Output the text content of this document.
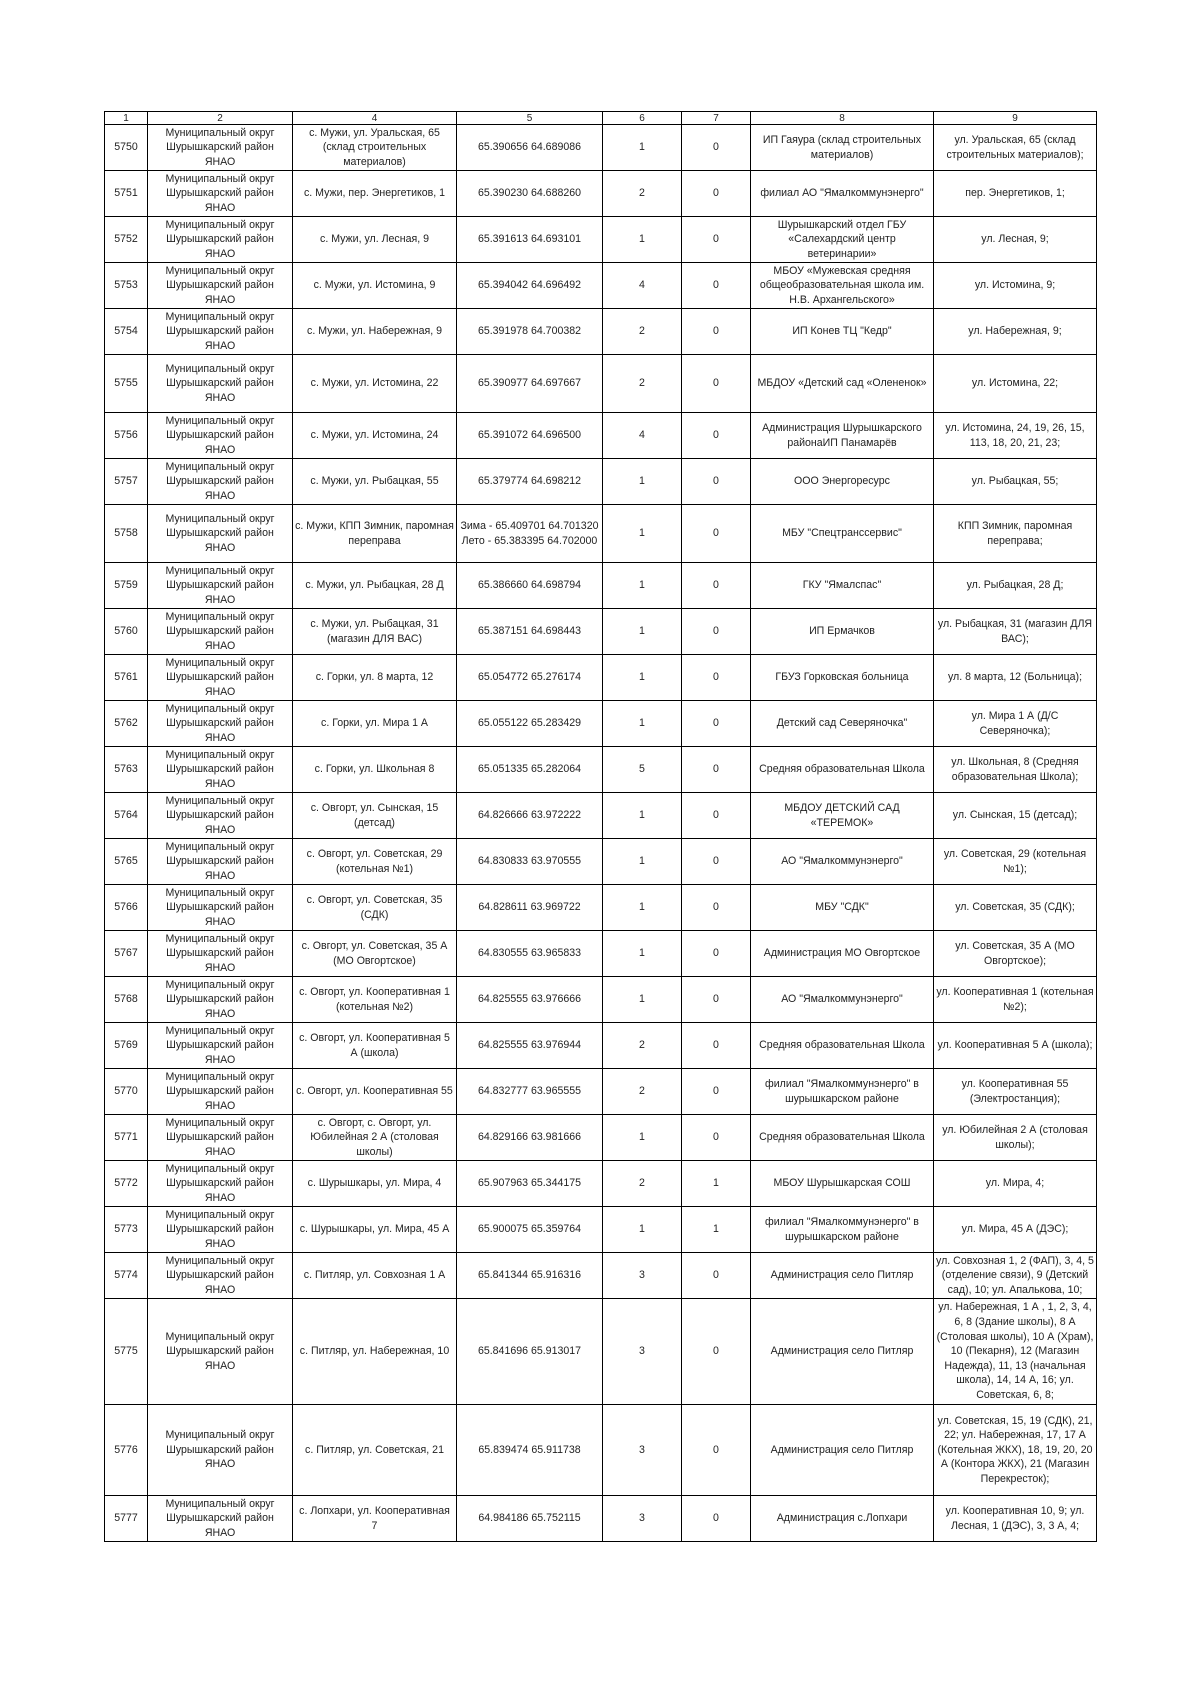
1	2	4	5	6	7	8	9
5750	Муниципальный округ Шурышкарский район ЯНАО	с. Мужи, ул. Уральская, 65 (склад строительных материалов)	65.390656 64.689086	1	0	ИП Гаяура (склад строительных материалов)	ул. Уральская, 65 (склад строительных материалов);
5751	Муниципальный округ Шурышкарский район ЯНАО	с. Мужи, пер. Энергетиков, 1	65.390230 64.688260	2	0	филиал АО "Ямалкоммунэнерго"	пер. Энергетиков, 1;
5752	Муниципальный округ Шурышкарский район ЯНАО	с. Мужи, ул. Лесная, 9	65.391613 64.693101	1	0	Шурышкарский отдел ГБУ «Салехардский центр ветеринарии»	ул. Лесная, 9;
5753	Муниципальный округ Шурышкарский район ЯНАО	с. Мужи, ул. Истомина, 9	65.394042 64.696492	4	0	МБОУ «Мужевская средняя общеобразовательная школа им. Н.В. Архангельского»	ул. Истомина, 9;
5754	Муниципальный округ Шурышкарский район ЯНАО	с. Мужи, ул. Набережная, 9	65.391978 64.700382	2	0	ИП Конев ТЦ "Кедр"	ул. Набережная, 9;
5755	Муниципальный округ Шурышкарский район ЯНАО	с. Мужи, ул. Истомина, 22	65.390977 64.697667	2	0	МБДОУ «Детский сад «Олененок»	ул. Истомина, 22;
5756	Муниципальный округ Шурышкарский район ЯНАО	с. Мужи, ул. Истомина, 24	65.391072 64.696500	4	0	Администрация Шурышкарского районаИП Панамарёв	ул. Истомина, 24, 19, 26, 15, 113, 18, 20, 21, 23;
5757	Муниципальный округ Шурышкарский район ЯНАО	с. Мужи, ул. Рыбацкая, 55	65.379774 64.698212	1	0	ООО Энергоресурс	ул. Рыбацкая, 55;
5758	Муниципальный округ Шурышкарский район ЯНАО	с. Мужи, КПП Зимник, паромная переправа	Зима - 65.409701 64.701320 Лето - 65.383395 64.702000	1	0	МБУ "Спецтранссервис"	КПП Зимник, паромная переправа;
5759	Муниципальный округ Шурышкарский район ЯНАО	с. Мужи, ул. Рыбацкая, 28 Д	65.386660 64.698794	1	0	ГКУ "Ямалспас"	ул. Рыбацкая, 28 Д;
5760	Муниципальный округ Шурышкарский район ЯНАО	с. Мужи, ул. Рыбацкая, 31 (магазин ДЛЯ ВАС)	65.387151 64.698443	1	0	ИП Ермачков	ул. Рыбацкая, 31 (магазин ДЛЯ ВАС);
5761	Муниципальный округ Шурышкарский район ЯНАО	с. Горки, ул. 8 марта, 12	65.054772 65.276174	1	0	ГБУЗ Горковская больница	ул. 8 марта, 12 (Больница);
5762	Муниципальный округ Шурышкарский район ЯНАО	с. Горки, ул. Мира 1 А	65.055122 65.283429	1	0	Детский сад Северяночка"	ул. Мира 1 А (Д/С Северяночка);
5763	Муниципальный округ Шурышкарский район ЯНАО	с. Горки, ул. Школьная 8	65.051335 65.282064	5	0	Средняя образовательная Школа	ул. Школьная, 8 (Средняя образовательная Школа);
5764	Муниципальный округ Шурышкарский район ЯНАО	с. Овгорт, ул. Сынская, 15 (детсад)	64.826666 63.972222	1	0	МБДОУ ДЕТСКИЙ САД «ТЕРЕМОК»	ул. Сынская, 15 (детсад);
5765	Муниципальный округ Шурышкарский район ЯНАО	с. Овгорт, ул. Советская, 29 (котельная №1)	64.830833 63.970555	1	0	АО "Ямалкоммунэнерго"	ул. Советская, 29 (котельная №1);
5766	Муниципальный округ Шурышкарский район ЯНАО	с. Овгорт, ул. Советская, 35 (СДК)	64.828611 63.969722	1	0	МБУ "СДК"	ул. Советская, 35 (СДК);
5767	Муниципальный округ Шурышкарский район ЯНАО	с. Овгорт, ул. Советская, 35 А (МО Овгортское)	64.830555 63.965833	1	0	Администрация МО Овгортское	ул. Советская, 35 А (МО Овгортское);
5768	Муниципальный округ Шурышкарский район ЯНАО	с. Овгорт, ул. Кооперативная 1 (котельная №2)	64.825555 63.976666	1	0	АО "Ямалкоммунэнерго"	ул. Кооперативная 1 (котельная №2);
5769	Муниципальный округ Шурышкарский район ЯНАО	с. Овгорт, ул. Кооперативная 5 А (школа)	64.825555 63.976944	2	0	Средняя образовательная Школа	ул. Кооперативная 5 А (школа);
5770	Муниципальный округ Шурышкарский район ЯНАО	с. Овгорт, ул. Кооперативная 55	64.832777 63.965555	2	0	филиал "Ямалкоммунэнерго" в шурышкарском районе	ул. Кооперативная 55 (Электростанция);
5771	Муниципальный округ Шурышкарский район ЯНАО	с. Овгорт, с. Овгорт, ул. Юбилейная 2 А (столовая школы)	64.829166 63.981666	1	0	Средняя образовательная Школа	ул. Юбилейная 2 А (столовая школы);
5772	Муниципальный округ Шурышкарский район ЯНАО	с. Шурышкары, ул. Мира, 4	65.907963 65.344175	2	1	МБОУ Шурышкарская СОШ	ул. Мира, 4;
5773	Муниципальный округ Шурышкарский район ЯНАО	с. Шурышкары, ул. Мира, 45 А	65.900075 65.359764	1	1	филиал "Ямалкоммунэнерго" в шурышкарском районе	ул. Мира, 45 А (ДЭС);
5774	Муниципальный округ Шурышкарский район ЯНАО	с. Питляр, ул. Совхозная 1 А	65.841344 65.916316	3	0	Администрация село Питляр	ул. Совхозная 1, 2 (ФАП), 3, 4, 5 (отделение связи), 9 (Детский сад), 10; ул. Апалькова, 10;
5775	Муниципальный округ Шурышкарский район ЯНАО	с. Питляр, ул. Набережная, 10	65.841696 65.913017	3	0	Администрация село Питляр	ул. Набережная, 1 А , 1, 2, 3, 4, 6, 8 (Здание школы), 8 А (Столовая школы), 10 А (Храм), 10 (Пекарня), 12 (Магазин Надежда), 11, 13 (начальная школа), 14, 14 А, 16; ул. Советская, 6, 8;
5776	Муниципальный округ Шурышкарский район ЯНАО	с. Питляр, ул. Советская, 21	65.839474 65.911738	3	0	Администрация село Питляр	ул. Советская, 15, 19 (СДК), 21, 22; ул. Набережная, 17, 17 А (Котельная ЖКХ), 18, 19, 20, 20 А (Контора ЖКХ), 21 (Магазин Перекресток);
5777	Муниципальный округ Шурышкарский район ЯНАО	с. Лопхари, ул. Кооперативная 7	64.984186 65.752115	3	0	Администрация с.Лопхари	ул. Кооперативная 10, 9; ул. Лесная, 1 (ДЭС), 3, 3 А, 4;
